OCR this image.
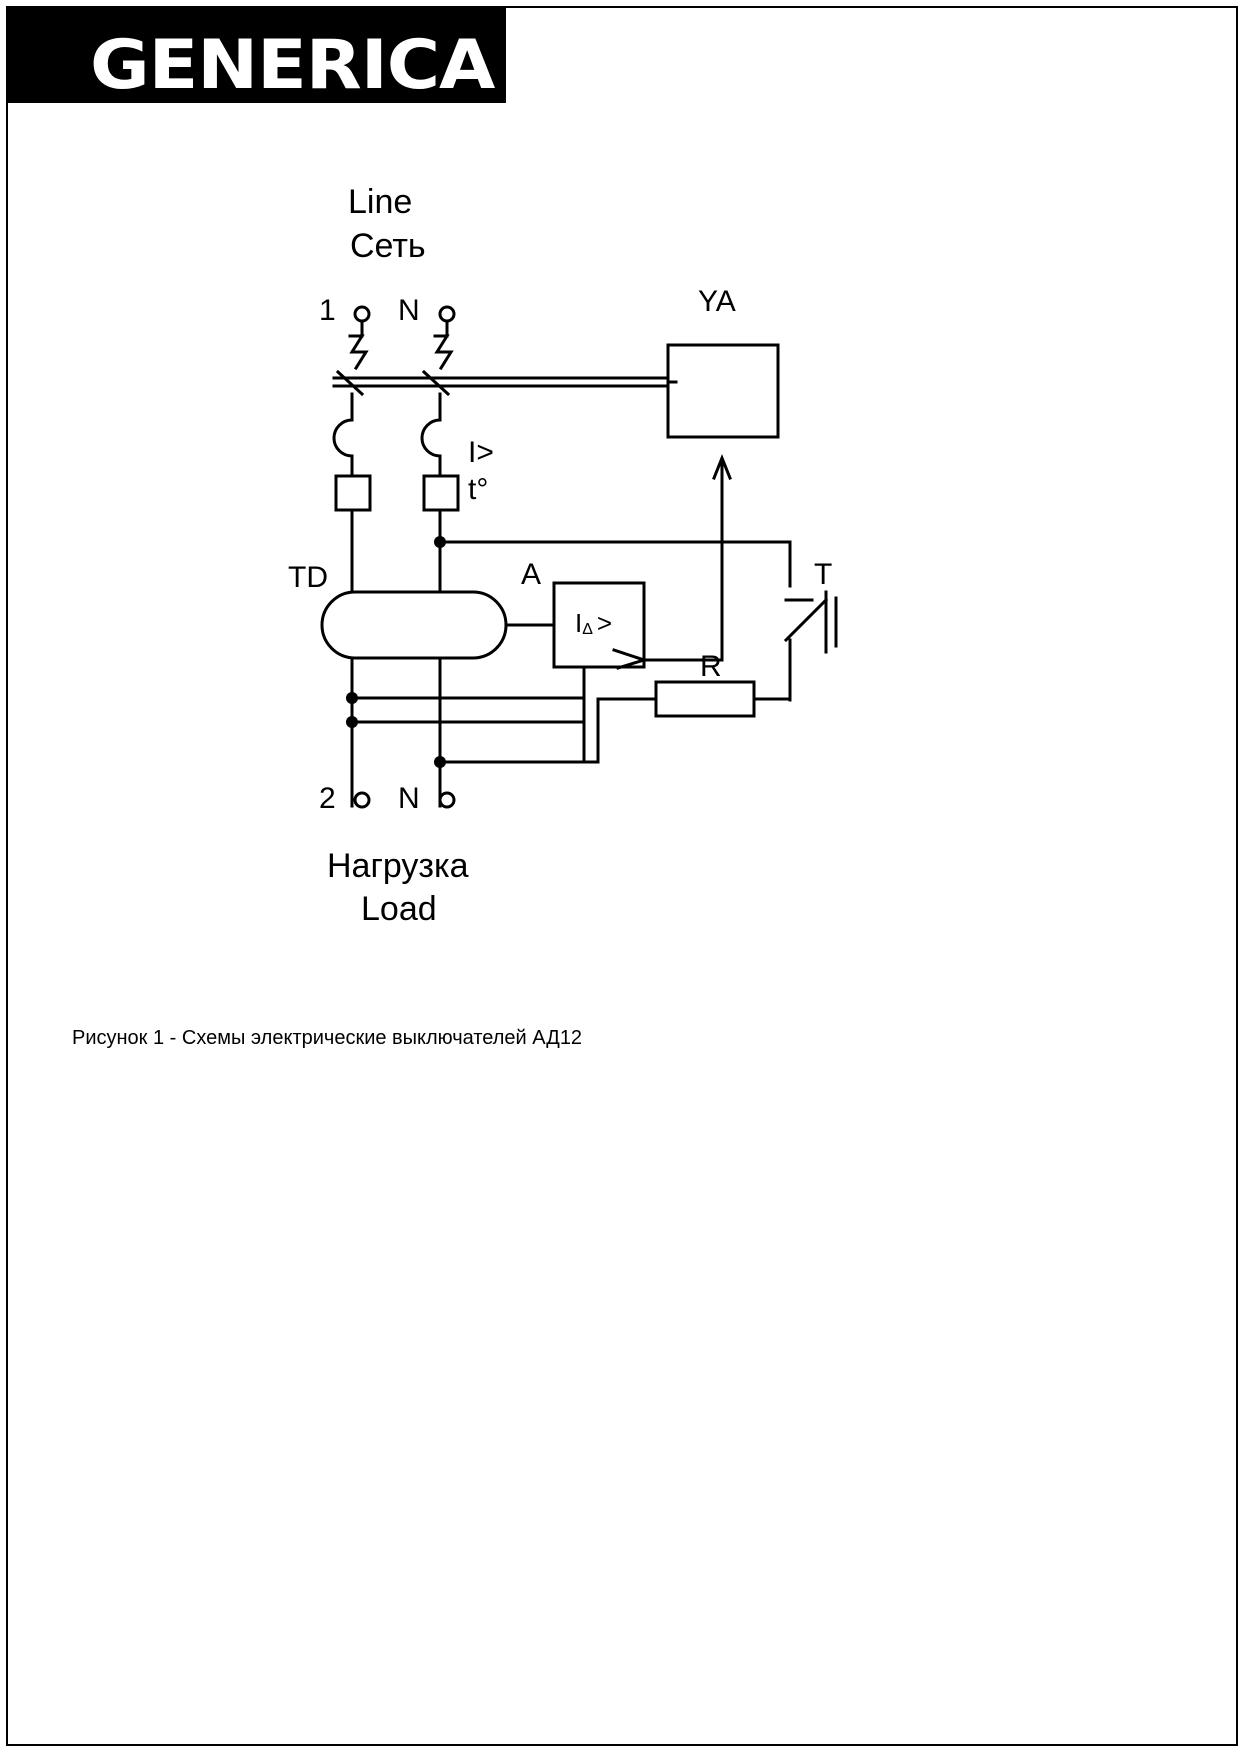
GENERICA
Line
Сеть
1 N	YA
I>
t°
TD	A	T
R
IΔ >
2 N
Нагрузка
Load
Рисунок 1 - Схемы электрические выключателей АД12
